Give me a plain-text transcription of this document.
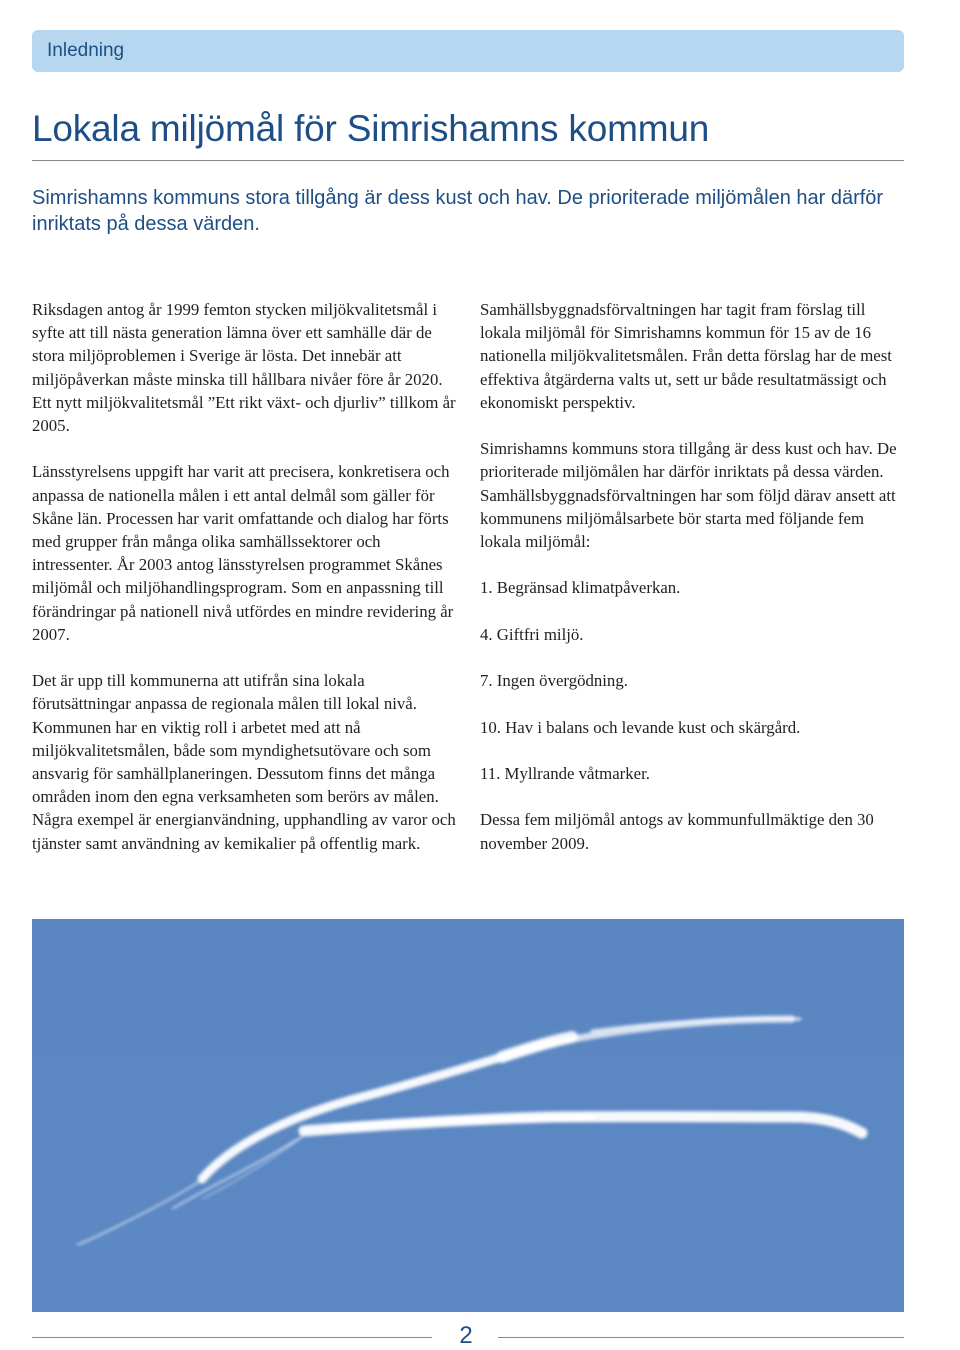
Inledning
Lokala miljömål för Simrishamns kommun

Simrishamns kommuns stora tillgång är dess kust och hav. De prioriterade miljömålen har därför inriktats på dessa värden.

Riksdagen antog år 1999 femton stycken miljökvalitetsmål i syfte att till nästa generation lämna över ett samhälle där de stora miljöproblemen i Sverige är lösta. Det innebär att miljöpåverkan måste minska till hållbara nivåer före år 2020. Ett nytt miljökvalitetsmål ”Ett rikt växt- och djurliv” tillkom år 2005.

Länsstyrelsens uppgift har varit att precisera, konkretisera och anpassa de nationella målen i ett antal delmål som gäller för Skåne län. Processen har varit omfattande och dialog har förts med grupper från många olika samhällssektorer och intressenter. År 2003 antog länsstyrelsen programmet Skånes miljömål och miljöhandlingsprogram. Som en anpassning till förändringar på nationell nivå utfördes en mindre revidering år 2007.

Det är upp till kommunerna att utifrån sina lokala förutsättningar anpassa de regionala målen till lokal nivå. Kommunen har en viktig roll i arbetet med att nå miljökvalitetsmålen, både som myndighetsutövare och som ansvarig för samhällplaneringen. Dessutom finns det många områden inom den egna verksamheten som berörs av målen. Några exempel är energianvändning, upphandling av varor och tjänster samt användning av kemikalier på offentlig mark.

Samhällsbyggnadsförvaltningen har tagit fram förslag till lokala miljömål för Simrishamns kommun för 15 av de 16 nationella miljökvalitetsmålen. Från detta förslag har de mest effektiva åtgärderna valts ut, sett ur både resultatmässigt och ekonomiskt perspektiv.

Simrishamns kommuns stora tillgång är dess kust och hav. De prioriterade miljömålen har därför inriktats på dessa värden. Samhällsbyggnadsförvaltningen har som följd därav ansett att kommunens miljömålsarbete bör starta med följande fem lokala miljömål:

1. Begränsad klimatpåverkan.
4. Giftfri miljö.
7. Ingen övergödning.
10. Hav i balans och levande kust och skärgård.
11. Myllrande våtmarker.

Dessa fem miljömål antogs av kommunfullmäktige den 30 november 2009.

2
